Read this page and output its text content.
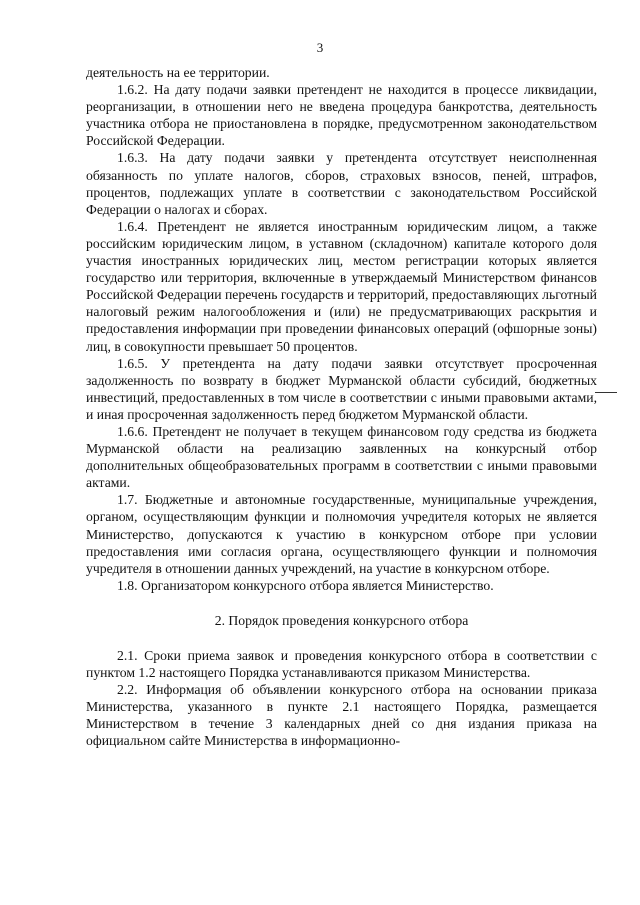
3

деятельность на ее территории.

1.6.2. На дату подачи заявки претендент не находится в процессе ликвидации, реорганизации, в отношении него не введена процедура банкротства, деятельность участника отбора не приостановлена в порядке, предусмотренном законодательством Российской Федерации.

1.6.3. На дату подачи заявки у претендента отсутствует неисполненная обязанность по уплате налогов, сборов, страховых взносов, пеней, штрафов, процентов, подлежащих уплате в соответствии с законодательством Российской Федерации о налогах и сборах.

1.6.4. Претендент не является иностранным юридическим лицом, а также российским юридическим лицом, в уставном (складочном) капитале которого доля участия иностранных юридических лиц, местом регистрации которых является государство или территория, включенные в утверждаемый Министерством финансов Российской Федерации перечень государств и территорий, предоставляющих льготный налоговый режим налогообложения и (или) не предусматривающих раскрытия и предоставления информации при проведении финансовых операций (офшорные зоны) лиц, в совокупности превышает 50 процентов.

1.6.5. У претендента на дату подачи заявки отсутствует просроченная задолженность по возврату в бюджет Мурманской области субсидий, бюджетных инвестиций, предоставленных в том числе в соответствии с иными правовыми актами, и иная просроченная задолженность перед бюджетом Мурманской области.

1.6.6. Претендент не получает в текущем финансовом году средства из бюджета Мурманской области на реализацию заявленных на конкурсный отбор дополнительных общеобразовательных программ в соответствии с иными правовыми актами.

1.7. Бюджетные и автономные государственные, муниципальные учреждения, органом, осуществляющим функции и полномочия учредителя которых не является Министерство, допускаются к участию в конкурсном отборе при условии предоставления ими согласия органа, осуществляющего функции и полномочия учредителя в отношении данных учреждений, на участие в конкурсном отборе.

1.8. Организатором конкурсного отбора является Министерство.

2. Порядок проведения конкурсного отбора

2.1. Сроки приема заявок и проведения конкурсного отбора в соответствии с пунктом 1.2 настоящего Порядка устанавливаются приказом Министерства.

2.2. Информация об объявлении конкурсного отбора на основании приказа Министерства, указанного в пункте 2.1 настоящего Порядка, размещается Министерством в течение 3 календарных дней со дня издания приказа на официальном сайте Министерства в информационно-
